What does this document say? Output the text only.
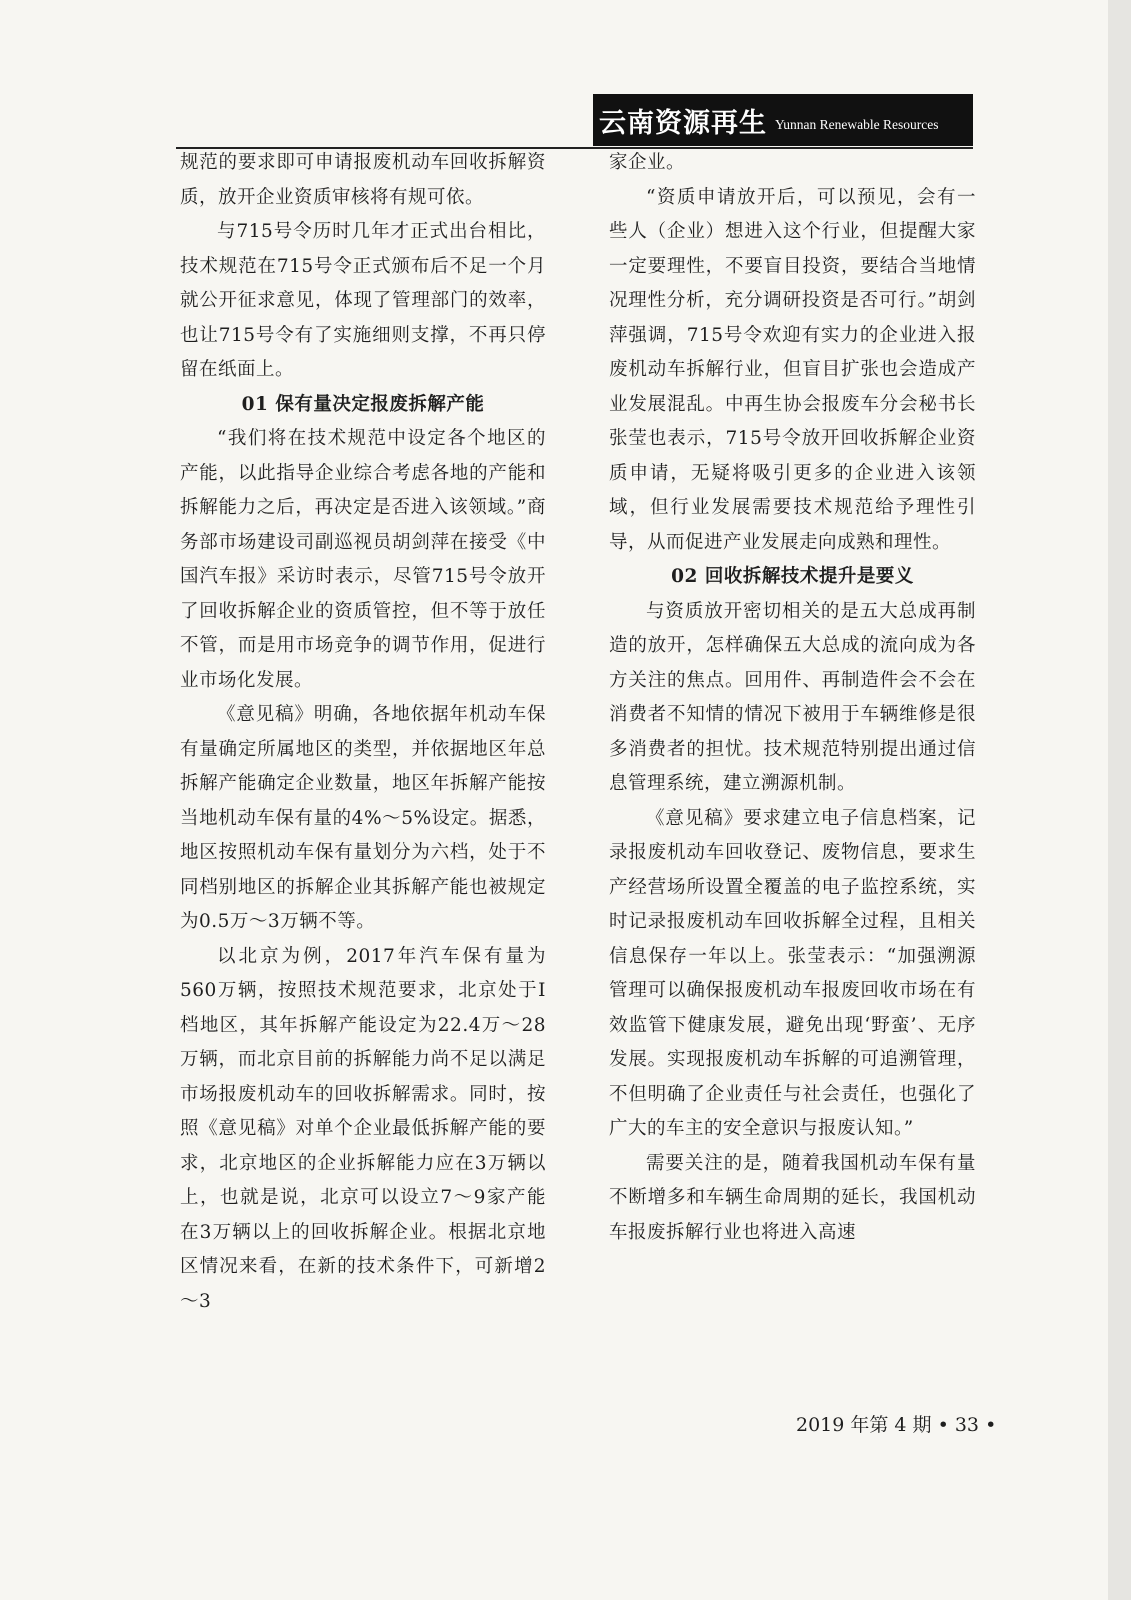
云南资源再生 Yunnan Renewable Resources

规范的要求即可申请报废机动车回收拆解资质，放开企业资质审核将有规可依。

与715号令历时几年才正式出台相比，技术规范在715号令正式颁布后不足一个月就公开征求意见，体现了管理部门的效率，也让715号令有了实施细则支撑，不再只停留在纸面上。

01 保有量决定报废拆解产能

“我们将在技术规范中设定各个地区的产能，以此指导企业综合考虑各地的产能和拆解能力之后，再决定是否进入该领域。”商务部市场建设司副巡视员胡剑萍在接受《中国汽车报》采访时表示，尽管715号令放开了回收拆解企业的资质管控，但不等于放任不管，而是用市场竞争的调节作用，促进行业市场化发展。

《意见稿》明确，各地依据年机动车保有量确定所属地区的类型，并依据地区年总拆解产能确定企业数量，地区年拆解产能按当地机动车保有量的4%～5%设定。据悉，地区按照机动车保有量划分为六档，处于不同档别地区的拆解企业其拆解产能也被规定为0.5万～3万辆不等。

以北京为例，2017年汽车保有量为560万辆，按照技术规范要求，北京处于Ⅰ档地区，其年拆解产能设定为22.4万～28万辆，而北京目前的拆解能力尚不足以满足市场报废机动车的回收拆解需求。同时，按照《意见稿》对单个企业最低拆解产能的要求，北京地区的企业拆解能力应在3万辆以上，也就是说，北京可以设立7～9家产能在3万辆以上的回收拆解企业。根据北京地区情况来看，在新的技术条件下，可新增2～3

家企业。

“资质申请放开后，可以预见，会有一些人（企业）想进入这个行业，但提醒大家一定要理性，不要盲目投资，要结合当地情况理性分析，充分调研投资是否可行。”胡剑萍强调，715号令欢迎有实力的企业进入报废机动车拆解行业，但盲目扩张也会造成产业发展混乱。中再生协会报废车分会秘书长张莹也表示，715号令放开回收拆解企业资质申请，无疑将吸引更多的企业进入该领域，但行业发展需要技术规范给予理性引导，从而促进产业发展走向成熟和理性。

02 回收拆解技术提升是要义

与资质放开密切相关的是五大总成再制造的放开，怎样确保五大总成的流向成为各方关注的焦点。回用件、再制造件会不会在消费者不知情的情况下被用于车辆维修是很多消费者的担忧。技术规范特别提出通过信息管理系统，建立溯源机制。

《意见稿》要求建立电子信息档案，记录报废机动车回收登记、废物信息，要求生产经营场所设置全覆盖的电子监控系统，实时记录报废机动车回收拆解全过程，且相关信息保存一年以上。张莹表示：“加强溯源管理可以确保报废机动车报废回收市场在有效监管下健康发展，避免出现‘野蛮’、无序发展。实现报废机动车拆解的可追溯管理，不但明确了企业责任与社会责任，也强化了广大的车主的安全意识与报废认知。”

需要关注的是，随着我国机动车保有量不断增多和车辆生命周期的延长，我国机动车报废拆解行业也将进入高速

2019 年第 4 期 • 33 •
